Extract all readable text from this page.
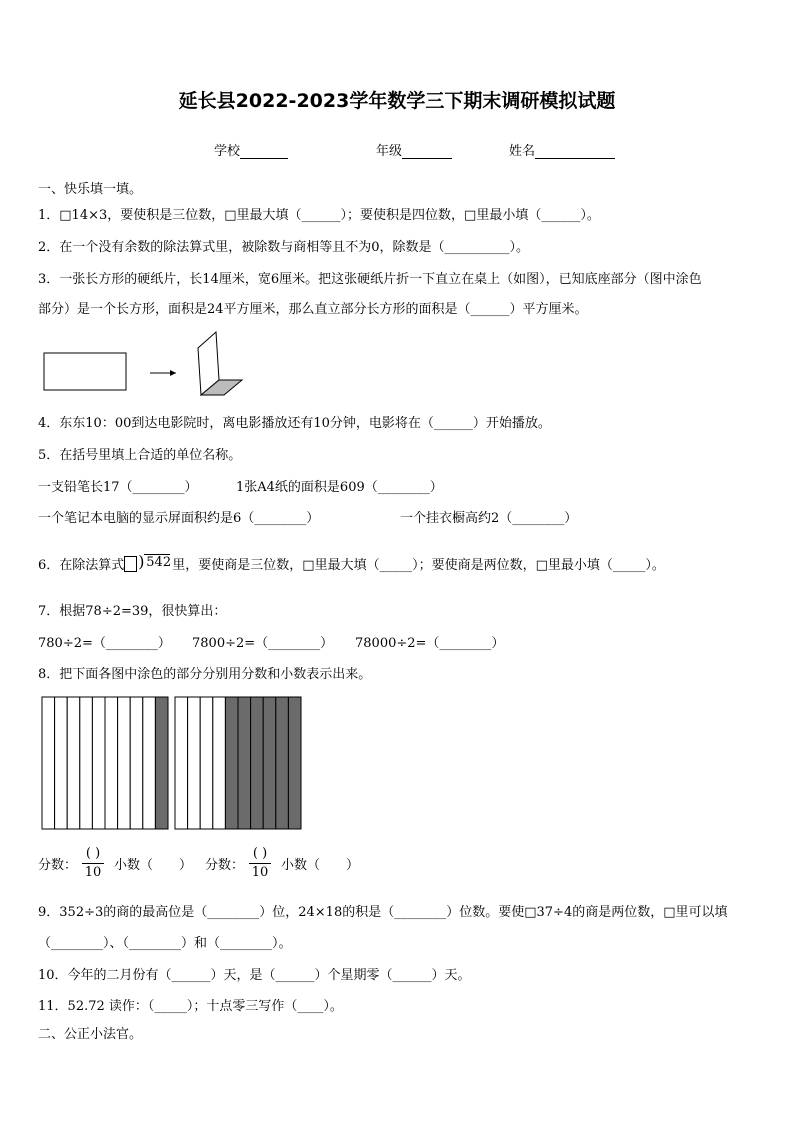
延长县2022-2023学年数学三下期末调研模拟试题
学校	年级	姓名
一、快乐填一填。
1．□14×3，要使积是三位数，□里最大填（______）；要使积是四位数，□里最小填（______）。
2．在一个没有余数的除法算式里，被除数与商相等且不为0，除数是（__________）。
3．一张长方形的硬纸片，长14厘米，宽6厘米。把这张硬纸片折一下直立在桌上（如图），已知底座部分（图中涂色
部分）是一个长方形，面积是24平方厘米，那么直立部分长方形的面积是（______）平方厘米。
4．东东10：00到达电影院时，离电影播放还有10分钟，电影将在（______）开始播放。
5．在括号里填上合适的单位名称。
一支铅笔长17（________）	1张A4纸的面积是609（________）
一个笔记本电脑的显示屏面积约是6（________）	一个挂衣橱高约2（________）
6．在除法算式 ) 542 里，要使商是三位数，□里最大填（_____）；要使商是两位数，□里最小填（_____）。
7．根据78÷2=39，很快算出：
780÷2=（________） 7800÷2=（________） 78000÷2=（________）
8．把下面各图中涂色的部分分别用分数和小数表示出来。
分数：
( )
10 小数（　　） 分数：
( )
10 小数（　　）
9．352÷3的商的最高位是（________）位，24×18的积是（________）位数。要使□37÷4的商是两位数，□里可以填
（________）、（________）和（________）。
10．今年的二月份有（______）天，是（______）个星期零（______）天。
11．52.72 读作：（_____）；十点零三写作（____）。
二、公正小法官。
